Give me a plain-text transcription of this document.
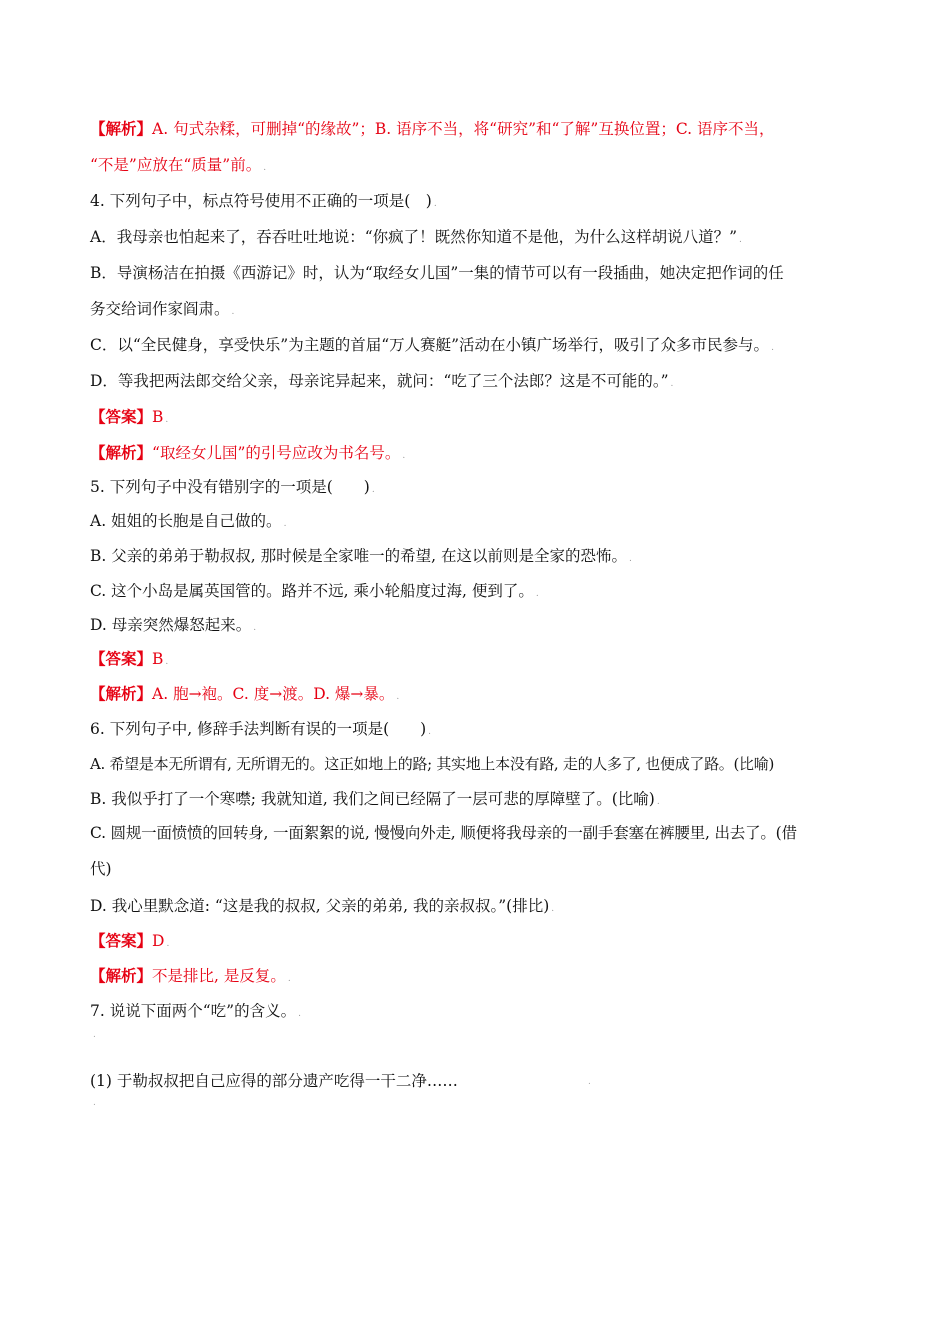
【解析】A. 句式杂糅，可删掉“的缘故”；B. 语序不当，将“研究”和“了解”互换位置；C. 语序不当，
“不是”应放在“质量”前。 .
4. 下列句子中，标点符号使用不正确的一项是(　) .
A．我母亲也怕起来了，吞吞吐吐地说：“你疯了！既然你知道不是他，为什么这样胡说八道？” .
B．导演杨洁在拍摄《西游记》时，认为“取经女儿国”一集的情节可以有一段插曲，她决定把作词的任
务交给词作家阎肃。 .
C．以“全民健身，享受快乐”为主题的首届“万人赛艇”活动在小镇广场举行，吸引了众多市民参与。 .
D．等我把两法郎交给父亲，母亲诧异起来，就问：“吃了三个法郎？这是不可能的。” .
【答案】B .
【解析】“取经女儿国”的引号应改为书名号。 .
5. 下列句子中没有错别字的一项是(　　) .
A. 姐姐的长胞是自己做的。 .
B. 父亲的弟弟于勒叔叔, 那时候是全家唯一的希望, 在这以前则是全家的恐怖。 .
C. 这个小岛是属英国管的。路并不远, 乘小轮船度过海, 便到了。 .
D. 母亲突然爆怒起来。 .
【答案】B .
【解析】A. 胞→袍。C. 度→渡。D. 爆→暴。 .
6. 下列句子中, 修辞手法判断有误的一项是(　　) .
A. 希望是本无所谓有, 无所谓无的。这正如地上的路; 其实地上本没有路, 走的人多了, 也便成了路。(比喻)
B. 我似乎打了一个寒噤; 我就知道, 我们之间已经隔了一层可悲的厚障壁了。(比喻) .
C. 圆规一面愤愤的回转身, 一面絮絮的说, 慢慢向外走, 顺便将我母亲的一副手套塞在裤腰里, 出去了。(借
代)
D. 我心里默念道: “这是我的叔叔, 父亲的弟弟, 我的亲叔叔。”(排比) .
【答案】D .
【解析】不是排比, 是反复。 .
7. 说说下面两个“吃”的含义。 .
.
(1) 于勒叔叔把自己应得的部分遗产吃得一干二净……	.
.
